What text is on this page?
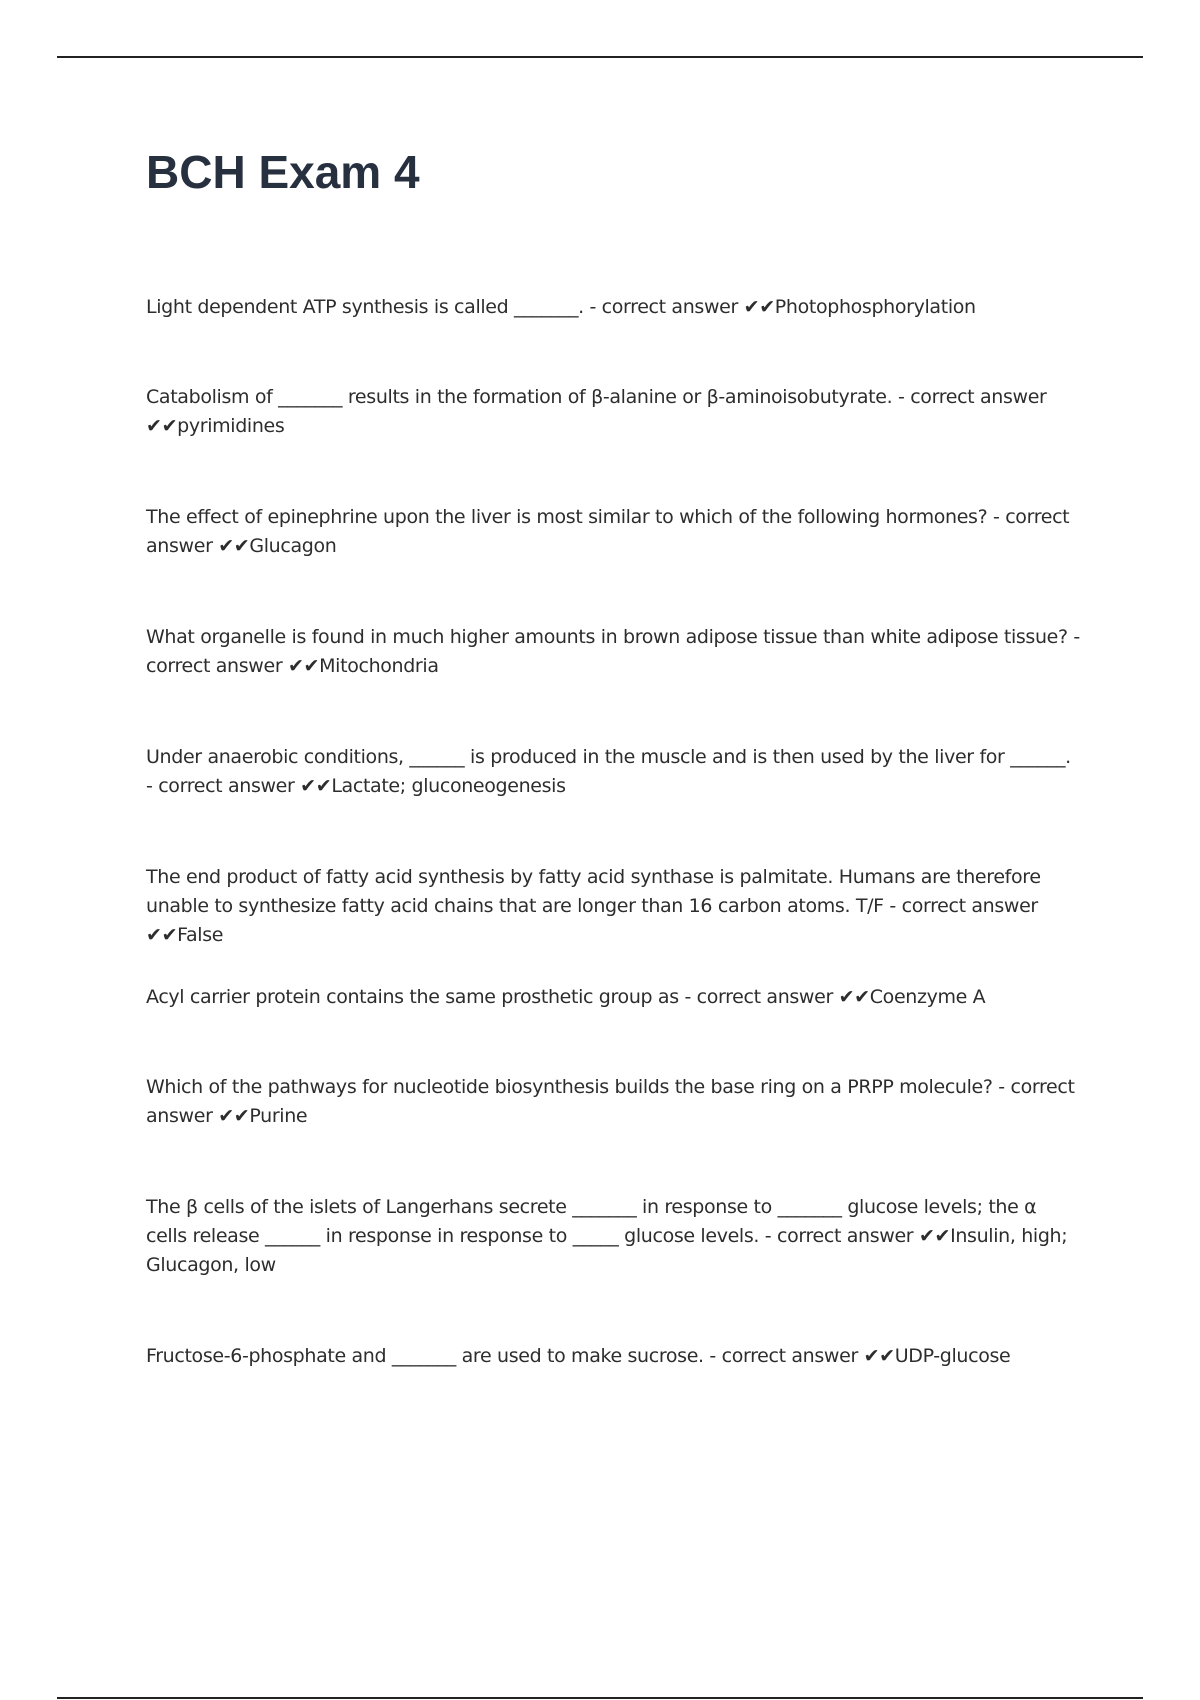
BCH Exam 4

Light dependent ATP synthesis is called _______. - correct answer ✔✔Photophosphorylation

Catabolism of _______ results in the formation of β-alanine or β-aminoisobutyrate. - correct answer ✔✔pyrimidines

The effect of epinephrine upon the liver is most similar to which of the following hormones? - correct answer ✔✔Glucagon

What organelle is found in much higher amounts in brown adipose tissue than white adipose tissue? - correct answer ✔✔Mitochondria

Under anaerobic conditions, ______ is produced in the muscle and is then used by the liver for ______. - correct answer ✔✔Lactate; gluconeogenesis

The end product of fatty acid synthesis by fatty acid synthase is palmitate. Humans are therefore unable to synthesize fatty acid chains that are longer than 16 carbon atoms. T/F - correct answer ✔✔False

Acyl carrier protein contains the same prosthetic group as - correct answer ✔✔Coenzyme A

Which of the pathways for nucleotide biosynthesis builds the base ring on a PRPP molecule? - correct answer ✔✔Purine

The β cells of the islets of Langerhans secrete _______ in response to _______ glucose levels; the α cells release ______ in response in response to _____ glucose levels. - correct answer ✔✔Insulin, high; Glucagon, low

Fructose-6-phosphate and _______ are used to make sucrose. - correct answer ✔✔UDP-glucose
